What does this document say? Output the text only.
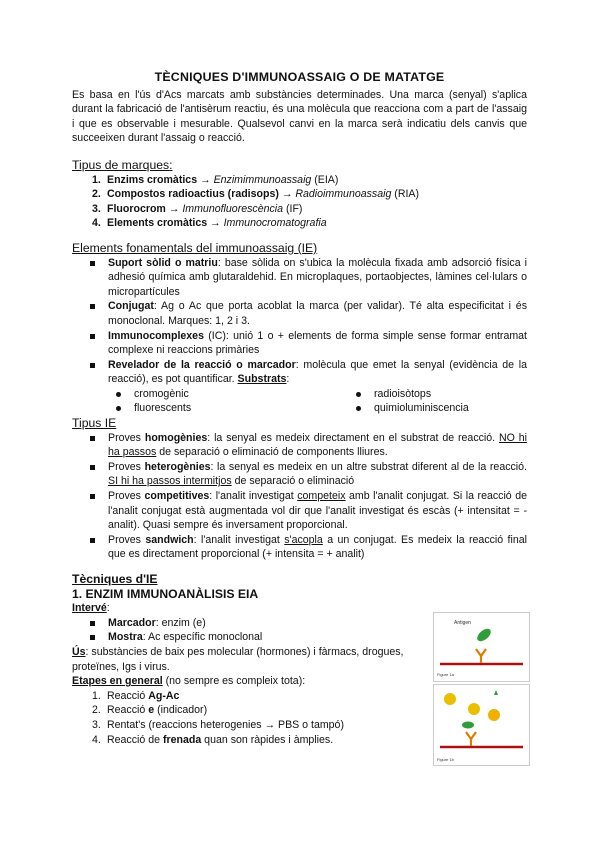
TÈCNIQUES D'IMMUNOASSAIG O DE MATATGE

Es basa en l'ús d'Acs marcats amb substàncies determinades. Una marca (senyal) s'aplica durant la fabricació de l'antisèrum reactiu, és una molècula que reacciona com a part de l'assaig i que es observable i mesurable. Qualsevol canvi en la marca serà indicatiu dels canvis que succeeixen durant l'assaig o reacció.

Tipus de marques:
1. Enzims cromàtics → Enzimimmunoassaig (EIA)
2. Compostos radioactius (radisops) → Radioimmunoassaig (RIA)
3. Fluorocrom → Immunofluorescència (IF)
4. Elements cromàtics → Immunocromatografia
Elements fonamentals del immunoassaig (IE)
Suport sòlid o matriu: base sòlida on s'ubica la molècula fixada amb adsorció física i adhesió química amb glutaraldehid. En microplaques, portaobjectes, làmines cel·lulars o micropartícules
Conjugat: Ag o Ac que porta acoblat la marca (per validar). Té alta especificitat i és monoclonal. Marques: 1, 2 i 3.
Immunocomplexes (IC): unió 1 o + elements de forma simple sense formar entramat complexe ni reaccions primàries
Revelador de la reacció o marcador: molècula que emet la senyal (evidència de la reacció), es pot quantificar. Substrats:
cromogènic	radioisòtops
fluorescents	quimioluminiscencia
Tipus IE
Proves homogènies: la senyal es medeix directament en el substrat de reacció. NO hi ha passos de separació o eliminació de components lliures.
Proves heterogènies: la senyal es medeix en un altre substrat diferent al de la reacció. SI hi ha passos intermitjos de separació o eliminació
Proves competitives: l'analit investigat competeix amb l'analit conjugat. Si la reacció de l'analit conjugat està augmentada vol dir que l'analit investigat és escàs (+ intensitat = - analit). Quasi sempre és inversament proporcional.
Proves sandwich: l'analit investigat s'acopla a un conjugat. Es medeix la reacció final que es directament proporcional (+ intensita = + analit)
Tècniques d'IE
1. ENZIM IMMUNOANÀLISIS EIA
Intervé:
Marcador: enzim (e)
Mostra: Ac específic monoclonal
Ús: substàncies de baix pes molecular (hormones) i fàrmacs, drogues, proteïnes, Igs i virus.
Etapes en general (no sempre es compleix tota):
1. Reacció Ag-Ac
2. Reacció e (indicador)
3. Rentat's (reaccions heterogenies → PBS o tampó)
4. Reacció de frenada quan son ràpides i àmplies.
Antigen
Figure 1a
Figure 1b
